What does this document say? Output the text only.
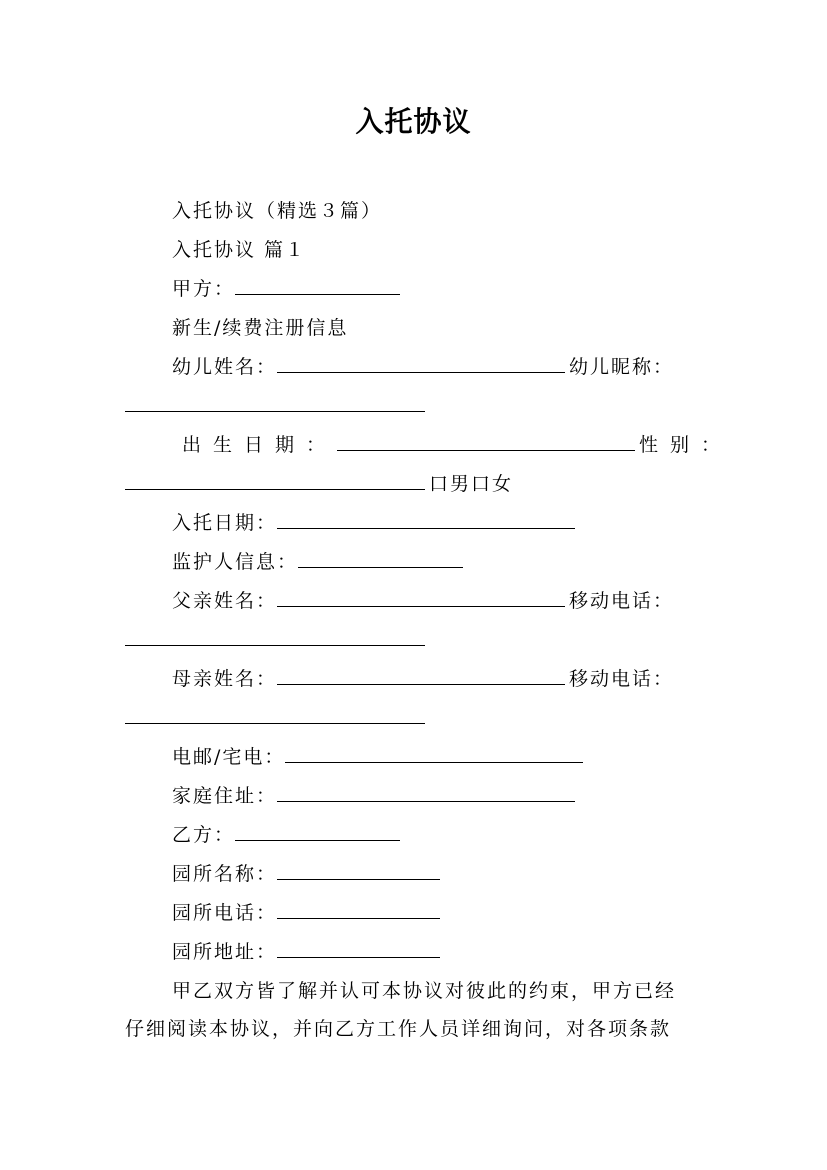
入托协议
入托协议（精选３篇）
入托协议 篇１
甲方：
新生/续费注册信息
幼儿姓名：	幼儿昵称：
出生日期：	性别：
口男口女
入托日期：
监护人信息：
父亲姓名：	移动电话：
母亲姓名：	移动电话：
电邮/宅电：
家庭住址：
乙方：
园所名称：
园所电话：
园所地址：
甲乙双方皆了解并认可本协议对彼此的约束，甲方已经
仔细阅读本协议，并向乙方工作人员详细询问，对各项条款
